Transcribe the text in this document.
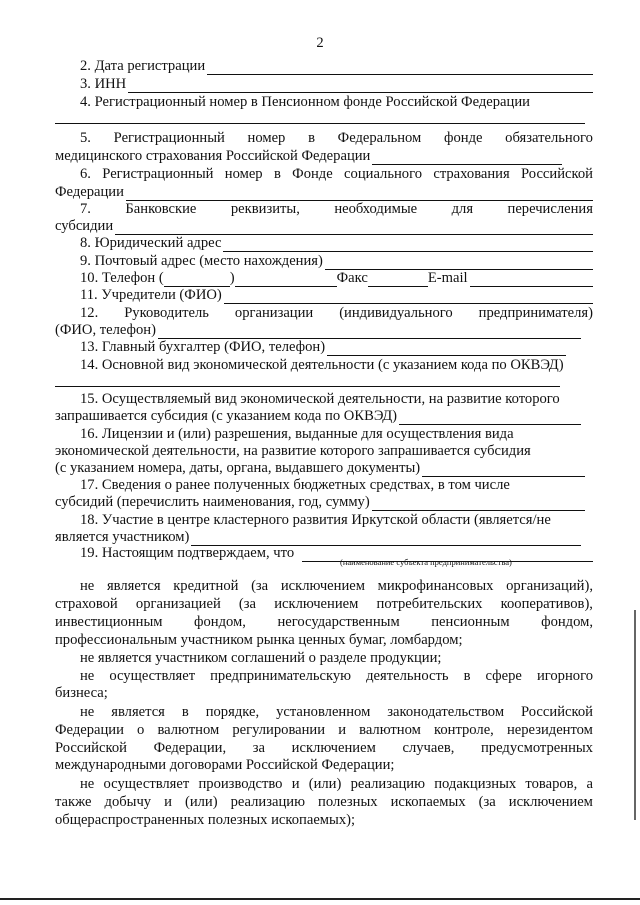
2
2. Дата регистрации
3. ИНН
4. Регистрационный номер в Пенсионном фонде Российской Федерации
5. Регистрационный номер в Федеральном фонде обязательного
медицинского страхования Российской Федерации
6. Регистрационный номер в Фонде социального страхования Российской
Федерации
7. Банковские реквизиты, необходимые для перечисления
субсидии
8. Юридический адрес
9. Почтовый адрес (место нахождения)
10. Телефон (	)	Факс	E-mail
11. Учредители (ФИО)
12. Руководитель организации (индивидуального предпринимателя)
(ФИО, телефон)
13. Главный бухгалтер (ФИО, телефон)
14. Основной вид экономической деятельности (с указанием кода по ОКВЭД)
15. Осуществляемый вид экономической деятельности, на развитие которого
запрашивается субсидия (с указанием кода по ОКВЭД)
16. Лицензии и (или) разрешения, выданные для осуществления вида
экономической деятельности, на развитие которого запрашивается субсидия
(с указанием номера, даты, органа, выдавшего документы)
17. Сведения о ранее полученных бюджетных средствах, в том числе
субсидий (перечислить наименования, год, сумму)
18. Участие в центре кластерного развития Иркутской области (является/не
является участником)
19. Настоящим подтверждаем, что
(наименование субъекта предпринимательства)
не является кредитной (за исключением микрофинансовых организаций),
страховой организацией (за исключением потребительских кооперативов),
инвестиционным фондом, негосударственным пенсионным фондом,
профессиональным участником рынка ценных бумаг, ломбардом;
не является участником соглашений о разделе продукции;
не осуществляет предпринимательскую деятельность в сфере игорного
бизнеса;
не является в порядке, установленном законодательством Российской
Федерации о валютном регулировании и валютном контроле, нерезидентом
Российской Федерации, за исключением случаев, предусмотренных
международными договорами Российской Федерации;
не осуществляет производство и (или) реализацию подакцизных товаров, а
также добычу и (или) реализацию полезных ископаемых (за исключением
общераспространенных полезных ископаемых);
